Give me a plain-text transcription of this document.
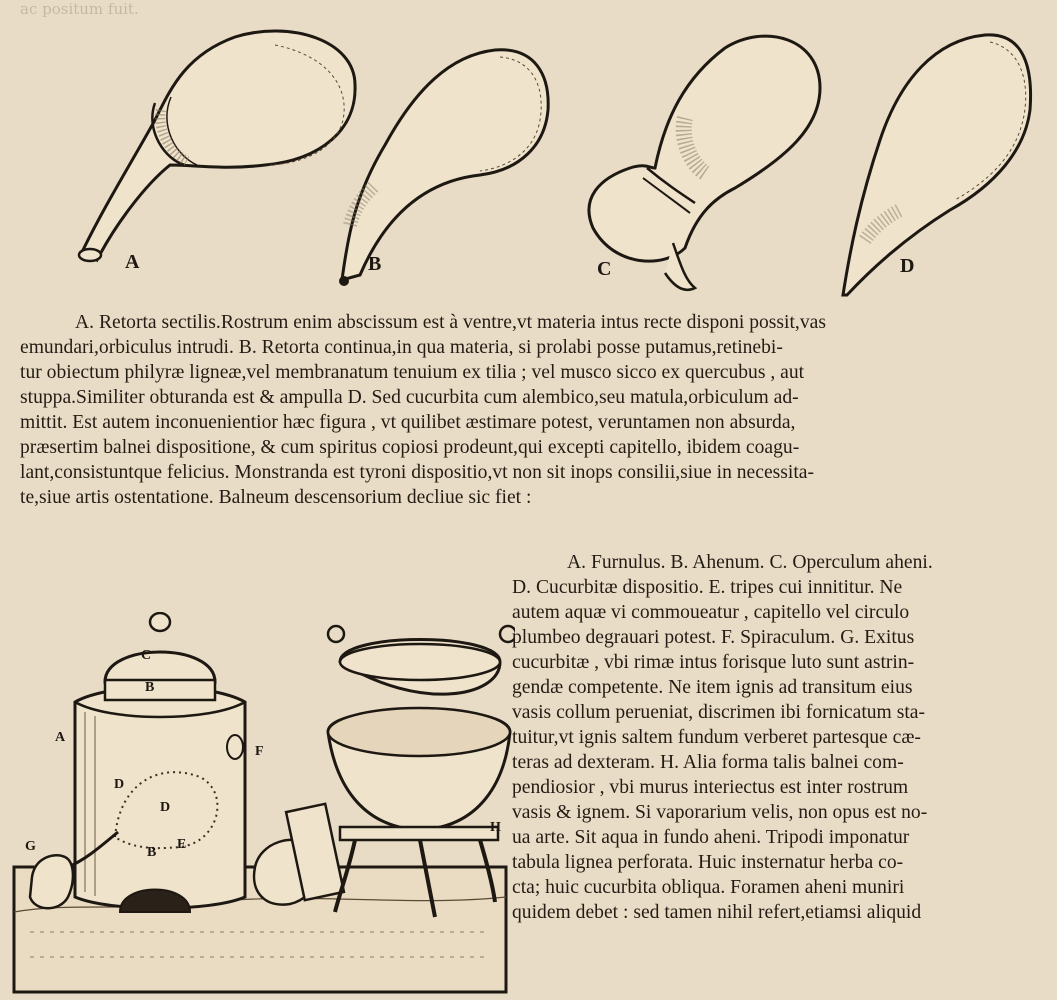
ac positum fuit.
A	B	C	D
A. Retorta sectilis.Rostrum enim abscissum est à ventre,vt materia intus recte disponi possit,vas
emundari,orbiculus intrudi. B. Retorta continua,in qua materia, si prolabi posse putamus,retinebi-
tur obiectum philyræ ligneæ,vel membranatum tenuium ex tilia ; vel musco sicco ex quercubus , aut
stuppa.Similiter obturanda est & ampulla D. Sed cucurbita cum alembico,seu matula,orbiculum ad-
mittit. Est autem inconuenientior hæc figura , vt quilibet æstimare potest, veruntamen non absurda,
præsertim balnei dispositione, & cum spiritus copiosi prodeunt,qui excepti capitello, ibidem coagu-
lant,consistuntque felicius. Monstranda est tyroni dispositio,vt non sit inops consilii,siue in necessita-
te,siue artis ostentatione. Balneum descensorium decliue sic fiet :
C
B
A
F
D
D
E
B
G
H
A. Furnulus. B. Ahenum. C. Operculum aheni.
D. Cucurbitæ dispositio. E. tripes cui innititur. Ne
autem aquæ vi commoueatur , capitello vel circulo
plumbeo degrauari potest. F. Spiraculum. G. Exitus
cucurbitæ , vbi rimæ intus forisque luto sunt astrin-
gendæ competente. Ne item ignis ad transitum eius
vasis collum perueniat, discrimen ibi fornicatum sta-
tuitur,vt ignis saltem fundum verberet partesque cæ-
teras ad dexteram. H. Alia forma talis balnei com-
pendiosior , vbi murus interiectus est inter rostrum
vasis & ignem. Si vaporarium velis, non opus est no-
ua arte. Sit aqua in fundo aheni. Tripodi imponatur
tabula lignea perforata. Huic insternatur herba co-
cta; huic cucurbita obliqua. Foramen aheni muniri
quidem debet : sed tamen nihil refert,etiamsi aliquid
